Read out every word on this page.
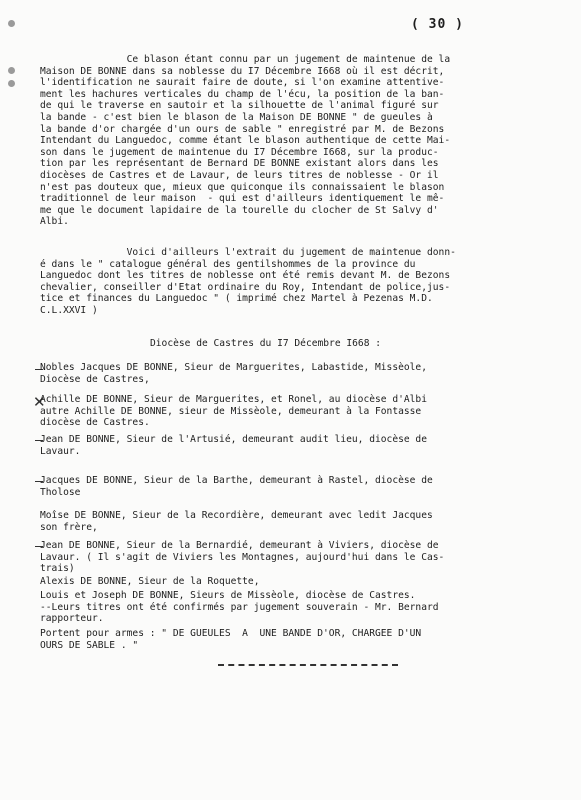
( 30 )
Ce blason étant connu par un jugement de maintenue de la
Maison DE BONNE dans sa noblesse du I7 Décembre I668 où il est décrit,
l'identification ne saurait faire de doute, si l'on examine attentive-
ment les hachures verticales du champ de l'écu, la position de la ban-
de qui le traverse en sautoir et la silhouette de l'animal figuré sur
la bande - c'est bien le blason de la Maison DE BONNE " de gueules à
la bande d'or chargée d'un ours de sable " enregistré par M. de Bezons
Intendant du Languedoc, comme étant le blason authentique de cette Mai-
son dans le jugement de maintenue du I7 Décembre I668, sur la produc-
tion par les représentant de Bernard DE BONNE existant alors dans les
diocèses de Castres et de Lavaur, de leurs titres de noblesse - Or il
n'est pas douteux que, mieux que quiconque ils connaissaient le blason
traditionnel de leur maison  - qui est d'ailleurs identiquement le mê-
me que le document lapidaire de la tourelle du clocher de St Salvy d'
Albi.
Voici d'ailleurs l'extrait du jugement de maintenue donn-
é dans le " catalogue général des gentilshommes de la province du
Languedoc dont les titres de noblesse ont été remis devant M. de Bezons
chevalier, conseiller d'Etat ordinaire du Roy, Intendant de police,jus-
tice et finances du Languedoc " ( imprimé chez Martel à Pezenas M.D.
C.L.XXVI )
Diocèse de Castres du I7 Décembre I668 :
Nobles Jacques DE BONNE, Sieur de Marguerites, Labastide, Missèole,
Diocèse de Castres,
✕
Achille DE BONNE, Sieur de Marguerites, et Ronel, au diocèse d'Albi
autre Achille DE BONNE, sieur de Missèole, demeurant à la Fontasse
diocèse de Castres.
Jean DE BONNE, Sieur de l'Artusié, demeurant audit lieu, diocèse de
Lavaur.
Jacques DE BONNE, Sieur de la Barthe, demeurant à Rastel, diocèse de
Tholose
Moîse DE BONNE, Sieur de la Recordière, demeurant avec ledit Jacques
son frère,
Jean DE BONNE, Sieur de la Bernardié, demeurant à Viviers, diocèse de
Lavaur. ( Il s'agit de Viviers les Montagnes, aujourd'hui dans le Cas-
trais)
Alexis DE BONNE, Sieur de la Roquette,
Louis et Joseph DE BONNE, Sieurs de Missèole, diocèse de Castres.
--Leurs titres ont été confirmés par jugement souverain - Mr. Bernard
rapporteur.
Portent pour armes : " DE GUEULES  A  UNE BANDE D'OR, CHARGEE D'UN
OURS DE SABLE . "
